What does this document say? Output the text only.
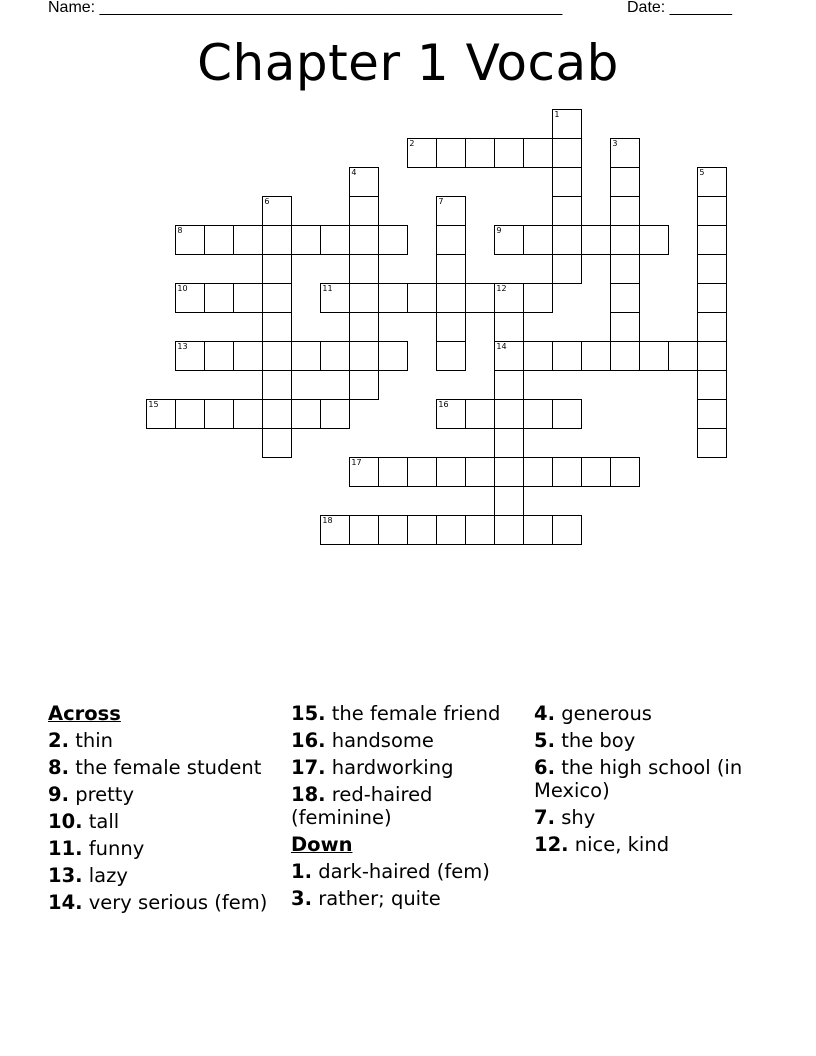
Name: ____________________________________________________	Date: _______
Chapter 1 Vocab
2
8	9
10	11	12
13	14
15	16
17
18
1
3
4	5
6	7
Across
2. thin
8. the female student
9. pretty
10. tall
11. funny
13. lazy
14. very serious (fem)
15. the female friend
16. handsome
17. hardworking
18. red-haired (feminine)
Down
1. dark-haired (fem)
3. rather; quite
4. generous
5. the boy
6. the high school (in Mexico)
7. shy
12. nice, kind
